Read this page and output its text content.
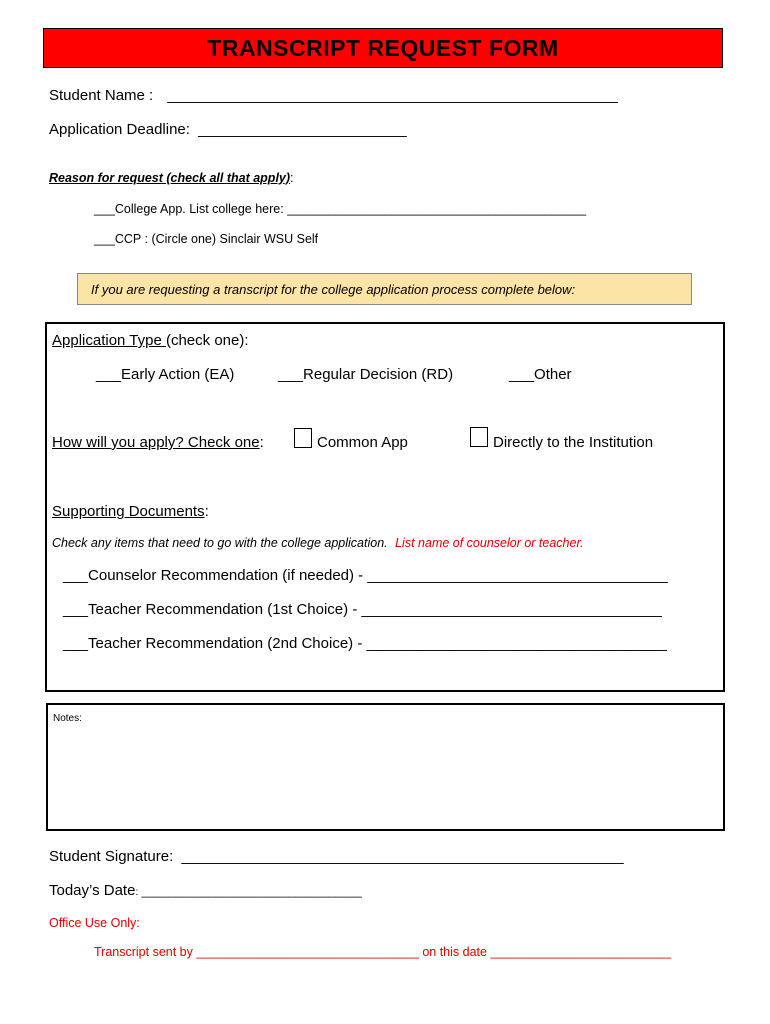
TRANSCRIPT REQUEST FORM
Student Name : ______________________________________________________
Application Deadline: _________________________
Reason for request (check all that apply):
___College App. List college here: ___________________________________________
___CCP : (Circle one) Sinclair WSU Self
If you are requesting a transcript for the college application process complete below:
Application Type (check one):
___Early Action (EA)	___Regular Decision (RD)	___Other
How will you apply? Check one:	Common App	Directly to the Institution
Supporting Documents:
Check any items that need to go with the college application. List name of counselor or teacher.
___Counselor Recommendation (if needed) - ____________________________________
___Teacher Recommendation (1st Choice) - ____________________________________
___Teacher Recommendation (2nd Choice) - ____________________________________
Notes:
Student Signature: _____________________________________________________
Today’s Date: _________________________________
Office Use Only:
Transcript sent by ________________________________ on this date __________________________
